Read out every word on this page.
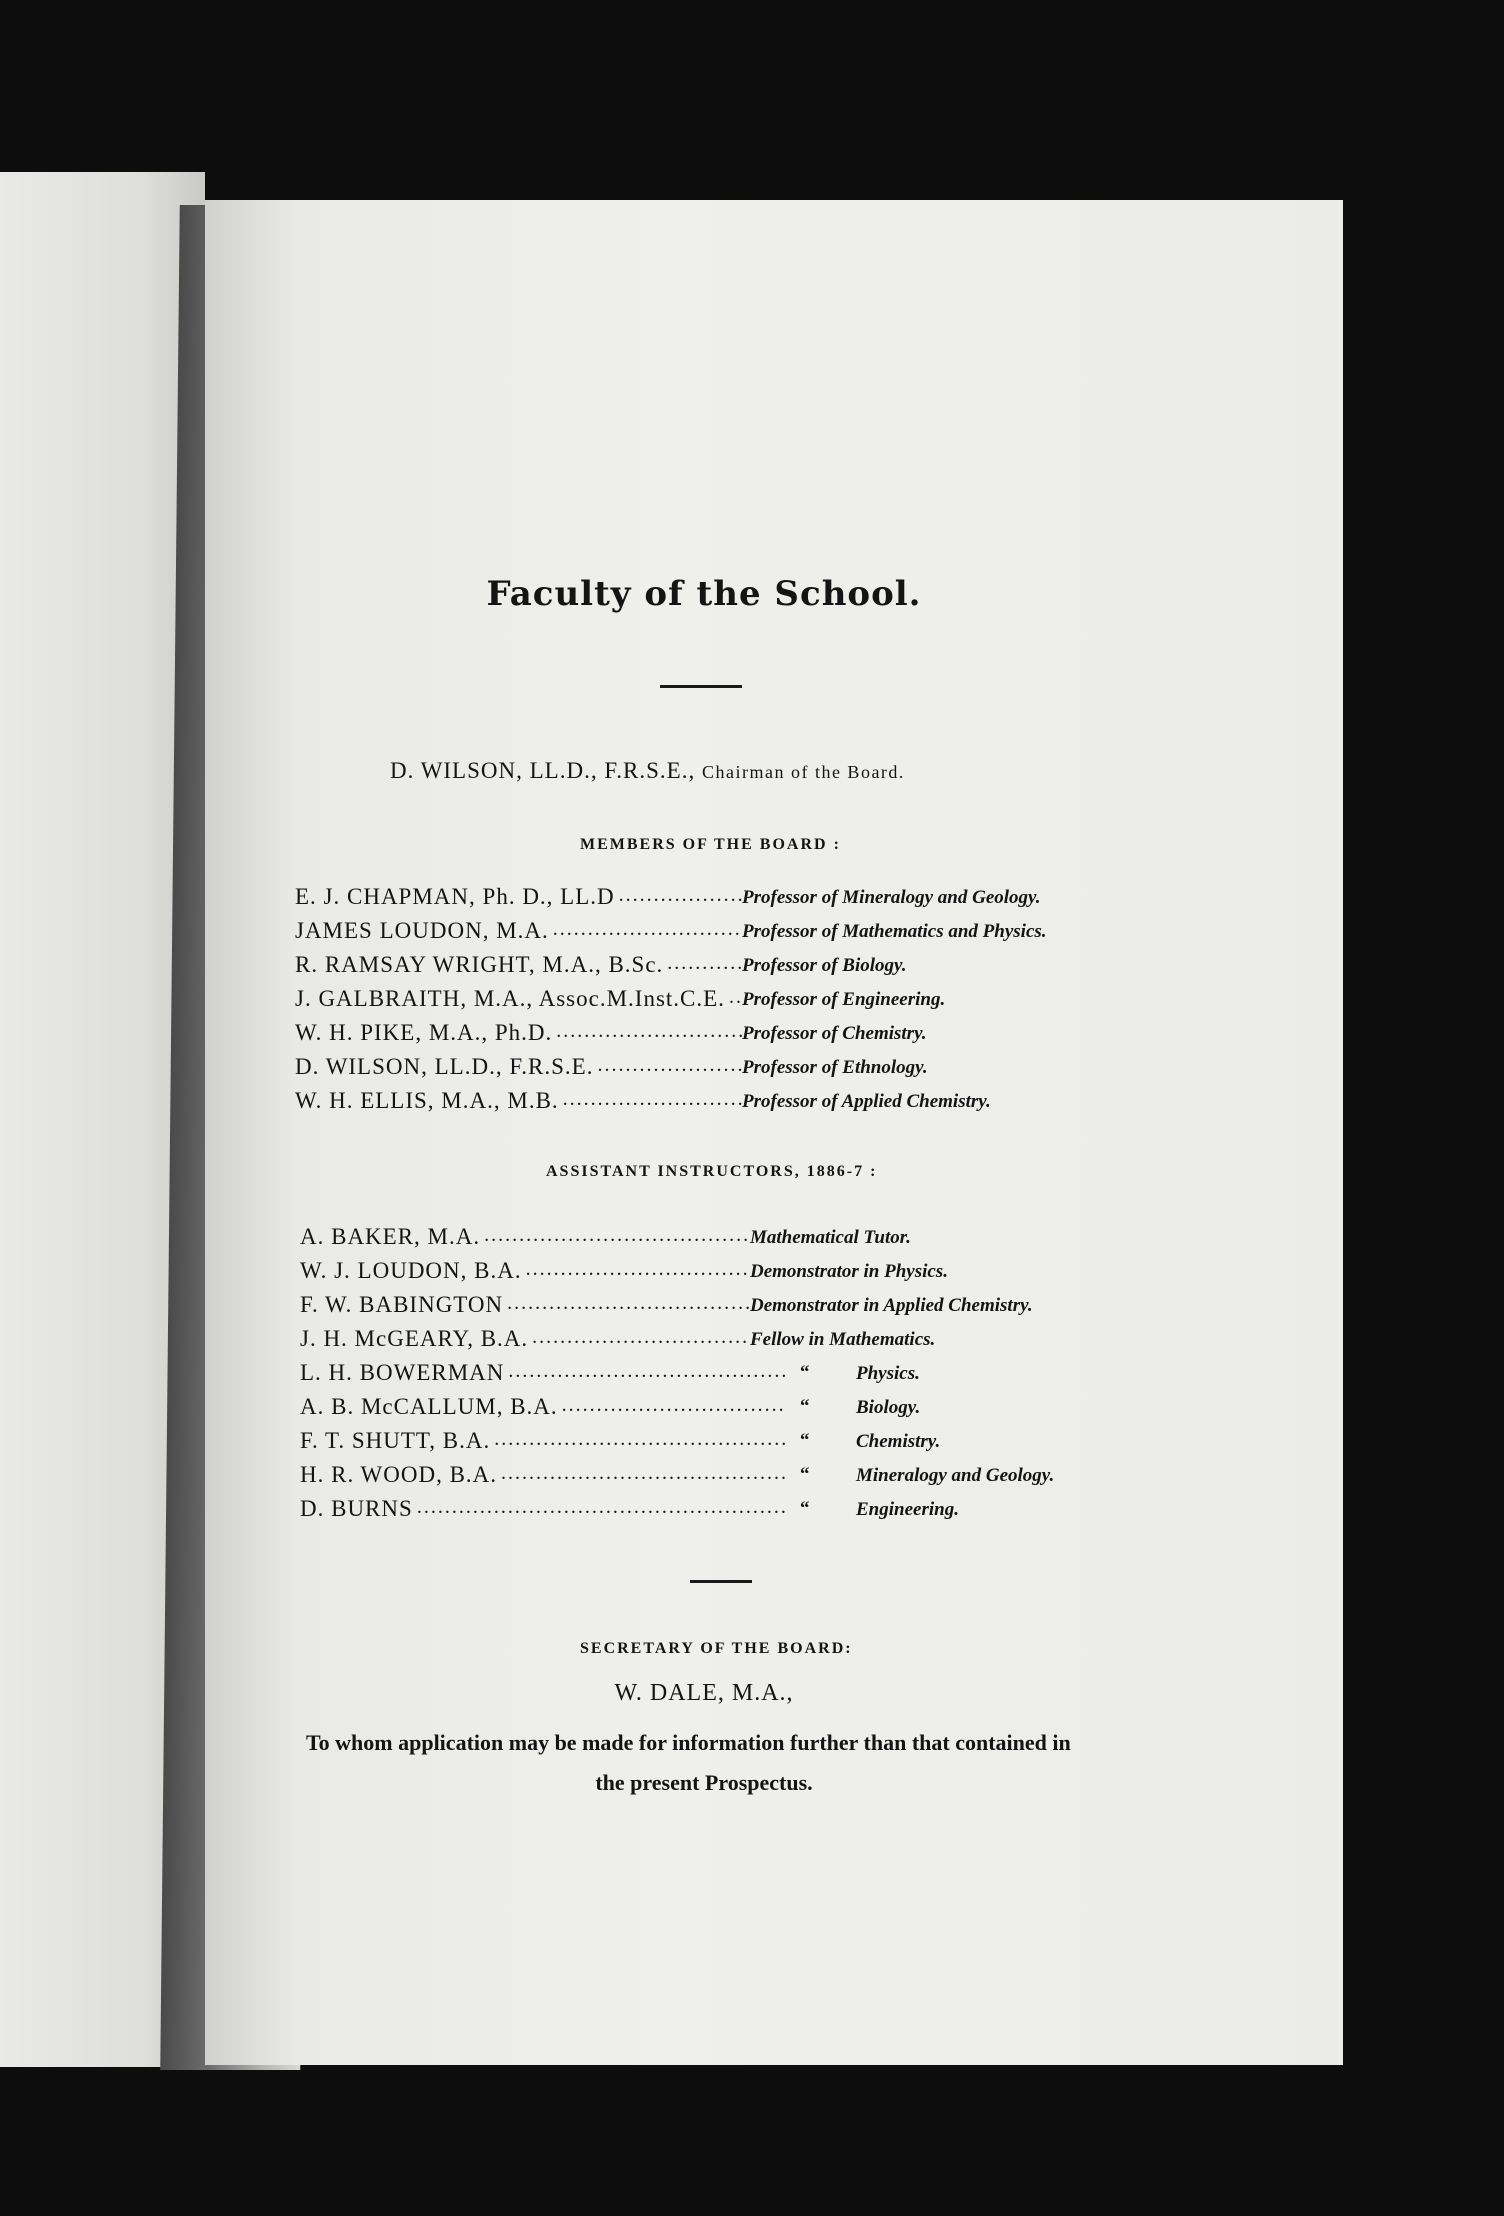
Faculty of the School.
D. WILSON, LL.D., F.R.S.E., Chairman of the Board.
MEMBERS OF THE BOARD :
E. J. CHAPMAN, Ph. D., LL.D ..................
Professor of Mineralogy and Geology.
JAMES LOUDON, M.A. ........................... Professor of Mathematics and Physics.
R. RAMSAY WRIGHT, M.A., B.Sc. ...........
Professor of Biology.
J. GALBRAITH, M.A., Assoc.M.Inst.C.E. .. Professor of Engineering.
W. H. PIKE, M.A., Ph.D. ...........................
Professor of Chemistry.
D. WILSON, LL.D., F.R.S.E. .....................
Professor of Ethnology.
W. H. ELLIS, M.A., M.B. ..........................
Professor of Applied Chemistry.
ASSISTANT INSTRUCTORS, 1886-7 :
A. BAKER, M.A. ...................................... Mathematical Tutor.
W. J. LOUDON, B.A. ................................ Demonstrator in Physics.
F. W. BABINGTON ...................................
Demonstrator in Applied Chemistry.
J. H. McGEARY, B.A. ............................... Fellow in Mathematics.
L. H. BOWERMAN ........................................ “ Physics.
A. B. McCALLUM, B.A. ................................ “ Biology.
F. T. SHUTT, B.A. .......................................... “ Chemistry.
H. R. WOOD, B.A. ......................................... “ Mineralogy and Geology.
D. BURNS ..................................................... “ Engineering.
SECRETARY OF THE BOARD:
W. DALE, M.A.,
To whom application may be made for information further than that contained in
the present Prospectus.
